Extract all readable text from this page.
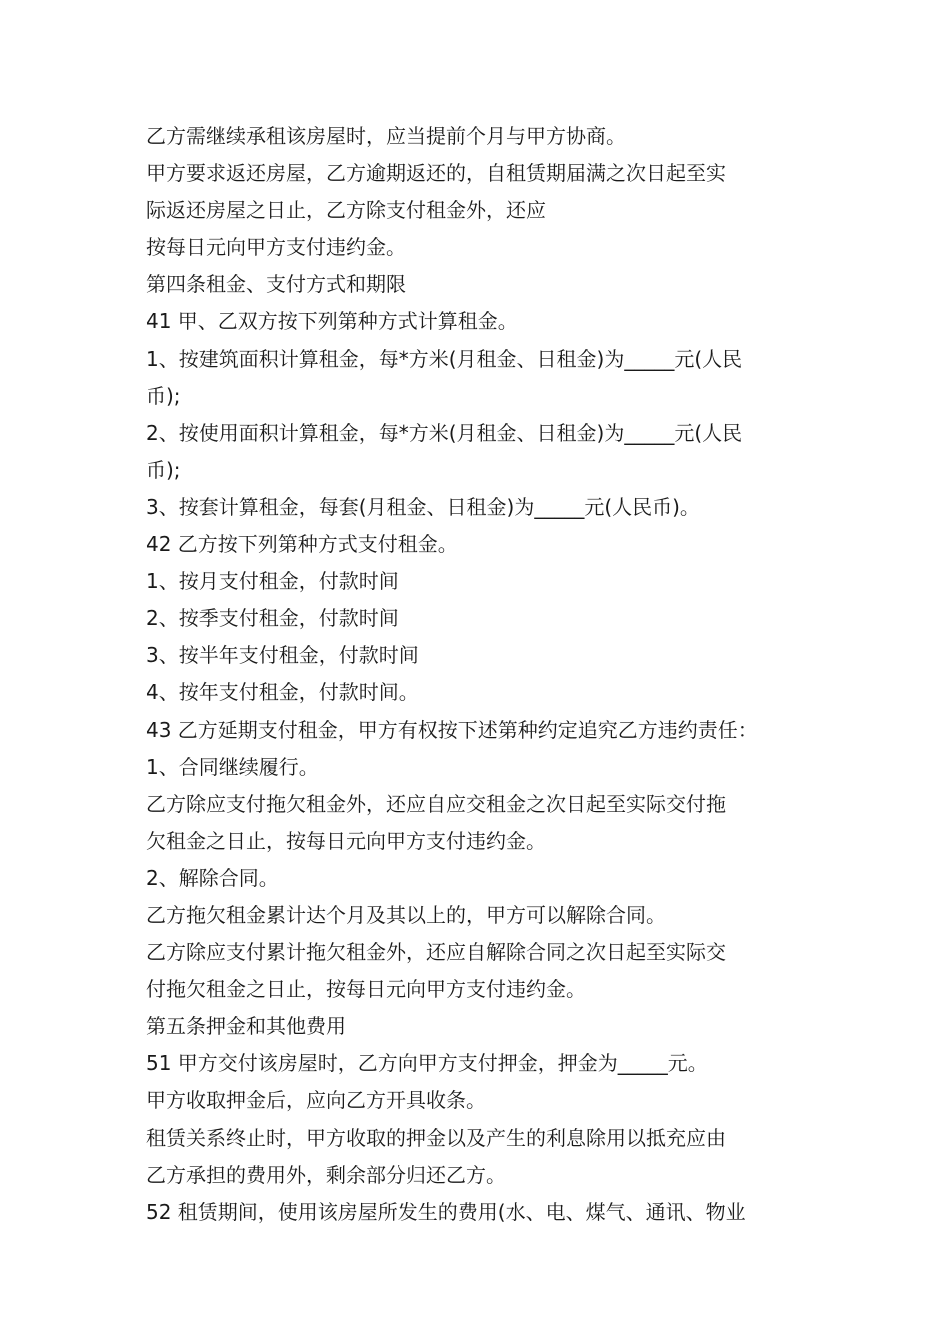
乙方需继续承租该房屋时，应当提前个月与甲方协商。
甲方要求返还房屋，乙方逾期返还的，自租赁期届满之次日起至实
际返还房屋之日止，乙方除支付租金外，还应
按每日元向甲方支付违约金。
第四条租金、支付方式和期限
41 甲、乙双方按下列第种方式计算租金。
1、按建筑面积计算租金，每*方米(月租金、日租金)为_____元(人民
币);
2、按使用面积计算租金，每*方米(月租金、日租金)为_____元(人民
币);
3、按套计算租金，每套(月租金、日租金)为_____元(人民币)。
42 乙方按下列第种方式支付租金。
1、按月支付租金，付款时间
2、按季支付租金，付款时间
3、按半年支付租金，付款时间
4、按年支付租金，付款时间。
43 乙方延期支付租金，甲方有权按下述第种约定追究乙方违约责任：
1、合同继续履行。
乙方除应支付拖欠租金外，还应自应交租金之次日起至实际交付拖
欠租金之日止，按每日元向甲方支付违约金。
2、解除合同。
乙方拖欠租金累计达个月及其以上的，甲方可以解除合同。
乙方除应支付累计拖欠租金外，还应自解除合同之次日起至实际交
付拖欠租金之日止，按每日元向甲方支付违约金。
第五条押金和其他费用
51 甲方交付该房屋时，乙方向甲方支付押金，押金为_____元。
甲方收取押金后，应向乙方开具收条。
租赁关系终止时，甲方收取的押金以及产生的利息除用以抵充应由
乙方承担的费用外，剩余部分归还乙方。
52 租赁期间，使用该房屋所发生的费用(水、电、煤气、通讯、物业
